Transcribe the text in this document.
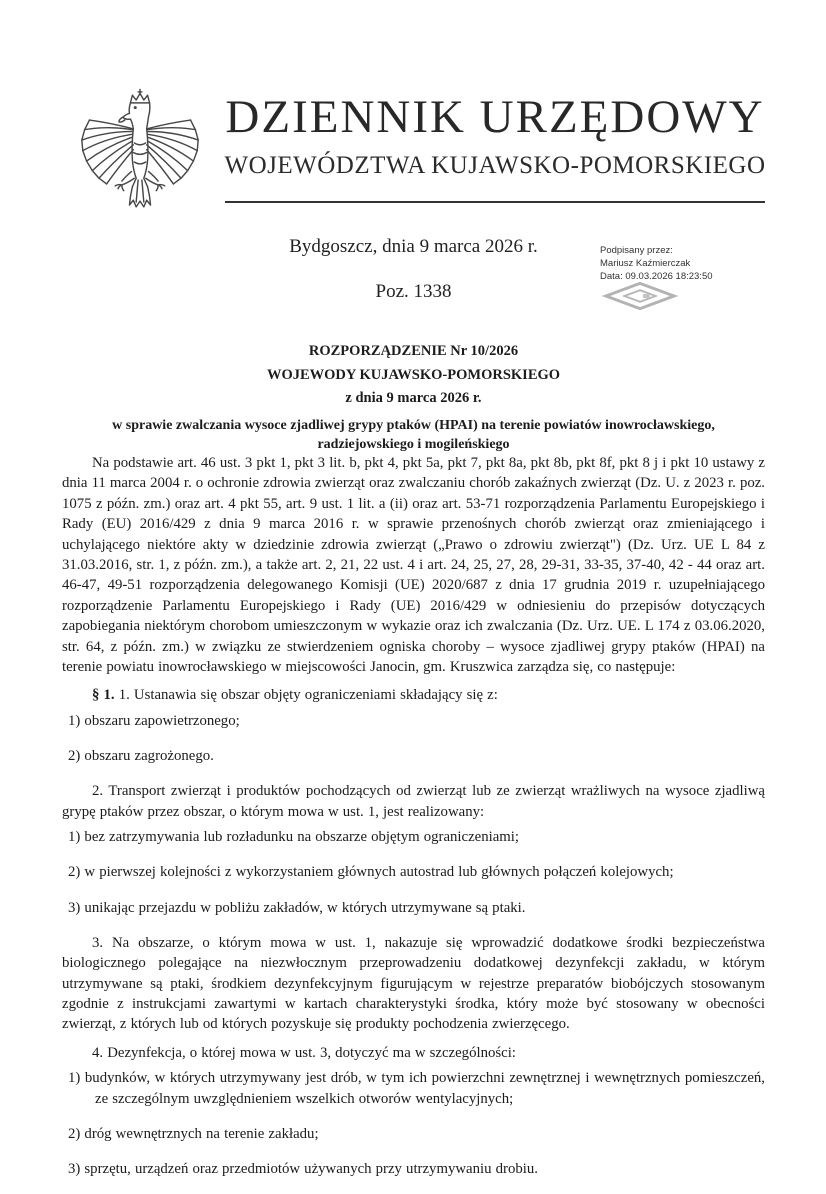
DZIENNIK URZĘDOWY
WOJEWÓDZTWA KUJAWSKO-POMORSKIEGO
Bydgoszcz, dnia 9 marca 2026 r.
Poz. 1338
Podpisany przez:
Mariusz Kaźmierczak
Data: 09.03.2026 18:23:50
ROZPORZĄDZENIE Nr 10/2026
WOJEWODY KUJAWSKO-POMORSKIEGO
z dnia 9 marca 2026 r.
w sprawie zwalczania wysoce zjadliwej grypy ptaków (HPAI) na terenie powiatów inowrocławskiego, radziejowskiego i mogileńskiego

Na podstawie art. 46 ust. 3 pkt 1, pkt 3 lit. b, pkt 4, pkt 5a, pkt 7, pkt 8a, pkt 8b, pkt 8f, pkt 8 j i pkt 10 ustawy z dnia 11 marca 2004 r. o ochronie zdrowia zwierząt oraz zwalczaniu chorób zakaźnych zwierząt (Dz. U. z 2023 r. poz. 1075 z późn. zm.) oraz art. 4 pkt 55, art. 9 ust. 1 lit. a (ii) oraz art. 53-71 rozporządzenia Parlamentu Europejskiego i Rady (EU) 2016/429 z dnia 9 marca 2016 r. w sprawie przenośnych chorób zwierząt oraz zmieniającego i uchylającego niektóre akty w dziedzinie zdrowia zwierząt („Prawo o zdrowiu zwierząt") (Dz. Urz. UE L 84 z 31.03.2016, str. 1, z późn. zm.), a także art. 2, 21, 22 ust. 4 i art. 24, 25, 27, 28, 29-31, 33-35, 37-40, 42 - 44 oraz art. 46-47, 49-51 rozporządzenia delegowanego Komisji (UE) 2020/687 z dnia 17 grudnia 2019 r. uzupełniającego rozporządzenie Parlamentu Europejskiego i Rady (UE) 2016/429 w odniesieniu do przepisów dotyczących zapobiegania niektórym chorobom umieszczonym w wykazie oraz ich zwalczania (Dz. Urz. UE. L 174 z 03.06.2020, str. 64, z późn. zm.) w związku ze stwierdzeniem ogniska choroby – wysoce zjadliwej grypy ptaków (HPAI) na terenie powiatu inowrocławskiego w miejscowości Janocin, gm. Kruszwica zarządza się, co następuje:

§ 1. 1. Ustanawia się obszar objęty ograniczeniami składający się z:

1) obszaru zapowietrzonego;

2) obszaru zagrożonego.

2. Transport zwierząt i produktów pochodzących od zwierząt lub ze zwierząt wrażliwych na wysoce zjadliwą grypę ptaków przez obszar, o którym mowa w ust. 1, jest realizowany:

1) bez zatrzymywania lub rozładunku na obszarze objętym ograniczeniami;

2) w pierwszej kolejności z wykorzystaniem głównych autostrad lub głównych połączeń kolejowych;

3) unikając przejazdu w pobliżu zakładów, w których utrzymywane są ptaki.

3. Na obszarze, o którym mowa w ust. 1, nakazuje się wprowadzić dodatkowe środki bezpieczeństwa biologicznego polegające na niezwłocznym przeprowadzeniu dodatkowej dezynfekcji zakładu, w którym utrzymywane są ptaki, środkiem dezynfekcyjnym figurującym w rejestrze preparatów biobójczych stosowanym zgodnie z instrukcjami zawartymi w kartach charakterystyki środka, który może być stosowany w obecności zwierząt, z których lub od których pozyskuje się produkty pochodzenia zwierzęcego.

4. Dezynfekcja, o której mowa w ust. 3, dotyczyć ma w szczególności:

1) budynków, w których utrzymywany jest drób, w tym ich powierzchni zewnętrznej i wewnętrznych pomieszczeń, ze szczególnym uwzględnieniem wszelkich otworów wentylacyjnych;

2) dróg wewnętrznych na terenie zakładu;

3) sprzętu, urządzeń oraz przedmiotów używanych przy utrzymywaniu drobiu.
